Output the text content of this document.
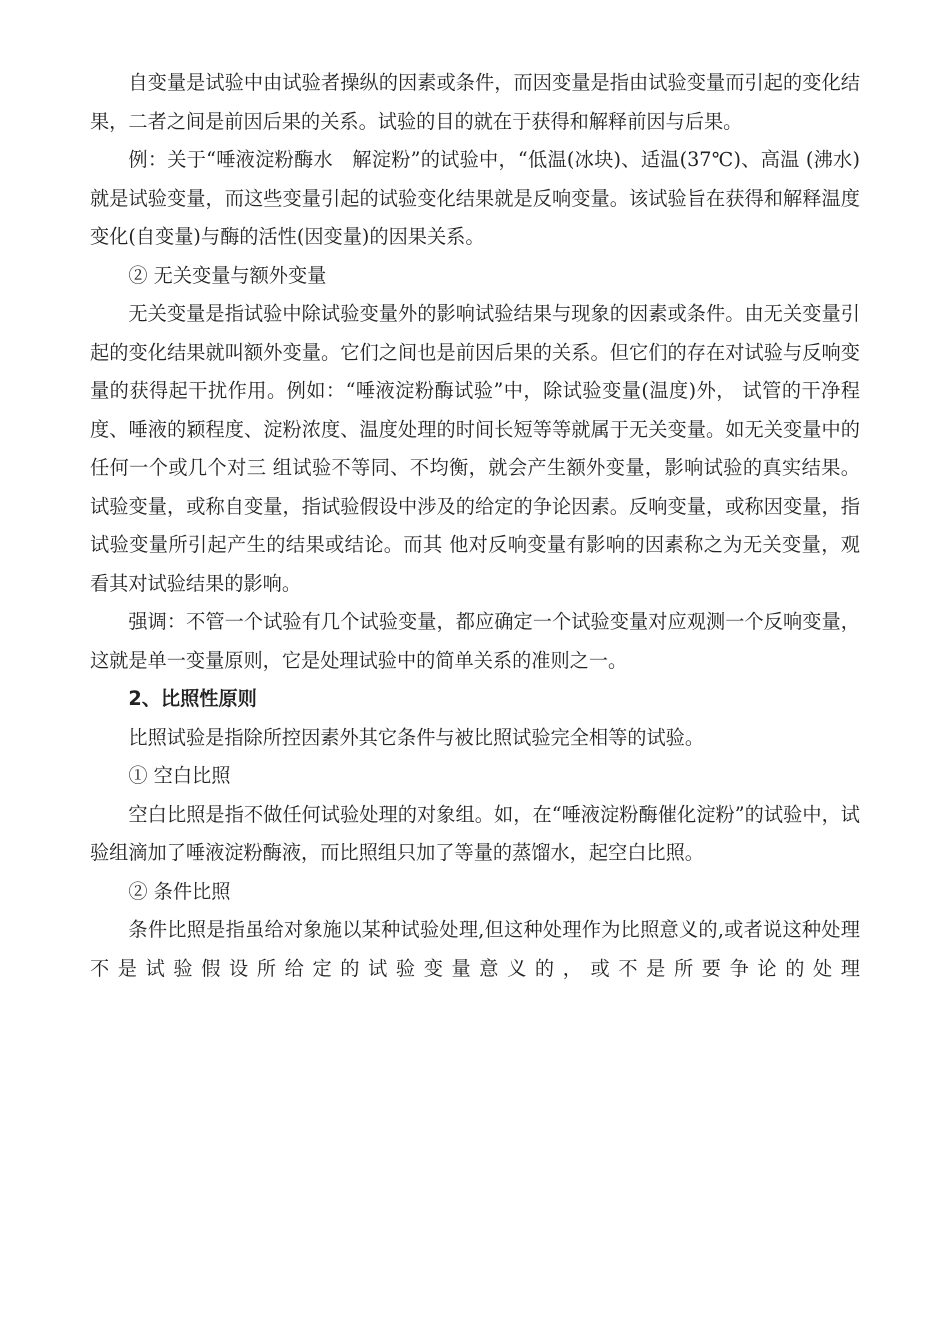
自变量是试验中由试验者操纵的因素或条件，而因变量是指由试验变量而引起的变化结果，二者之间是前因后果的关系。试验的目的就在于获得和解释前因与后果。

例：关于“唾液淀粉酶水　解淀粉”的试验中，“低温(冰块)、适温(37℃)、高温 (沸水)就是试验变量，而这些变量引起的试验变化结果就是反响变量。该试验旨在获得和解释温度变化(自变量)与酶的活性(因变量)的因果关系。

② 无关变量与额外变量

无关变量是指试验中除试验变量外的影响试验结果与现象的因素或条件。由无关变量引起的变化结果就叫额外变量。它们之间也是前因后果的关系。但它们的存在对试验与反响变量的获得起干扰作用。例如：“唾液淀粉酶试验”中，除试验变量(温度)外， 试管的干净程度、唾液的颖程度、淀粉浓度、温度处理的时间长短等等就属于无关变量。如无关变量中的任何一个或几个对三 组试验不等同、不均衡，就会产生额外变量，影响试验的真实结果。试验变量，或称自变量，指试验假设中涉及的给定的争论因素。反响变量，或称因变量，指试验变量所引起产生的结果或结论。而其 他对反响变量有影响的因素称之为无关变量，观看其对试验结果的影响。

强调：不管一个试验有几个试验变量，都应确定一个试验变量对应观测一个反响变量，这就是单一变量原则，它是处理试验中的简单关系的准则之一。

2、比照性原则

比照试验是指除所控因素外其它条件与被比照试验完全相等的试验。

① 空白比照

空白比照是指不做任何试验处理的对象组。如，在“唾液淀粉酶催化淀粉”的试验中，试验组滴加了唾液淀粉酶液，而比照组只加了等量的蒸馏水，起空白比照。

② 条件比照

条件比照是指虽给对象施以某种试验处理,但这种处理作为比照意义的,或者说这种处理不是试验假设所给定的试验变量意义的，或不是所要争论的处理
